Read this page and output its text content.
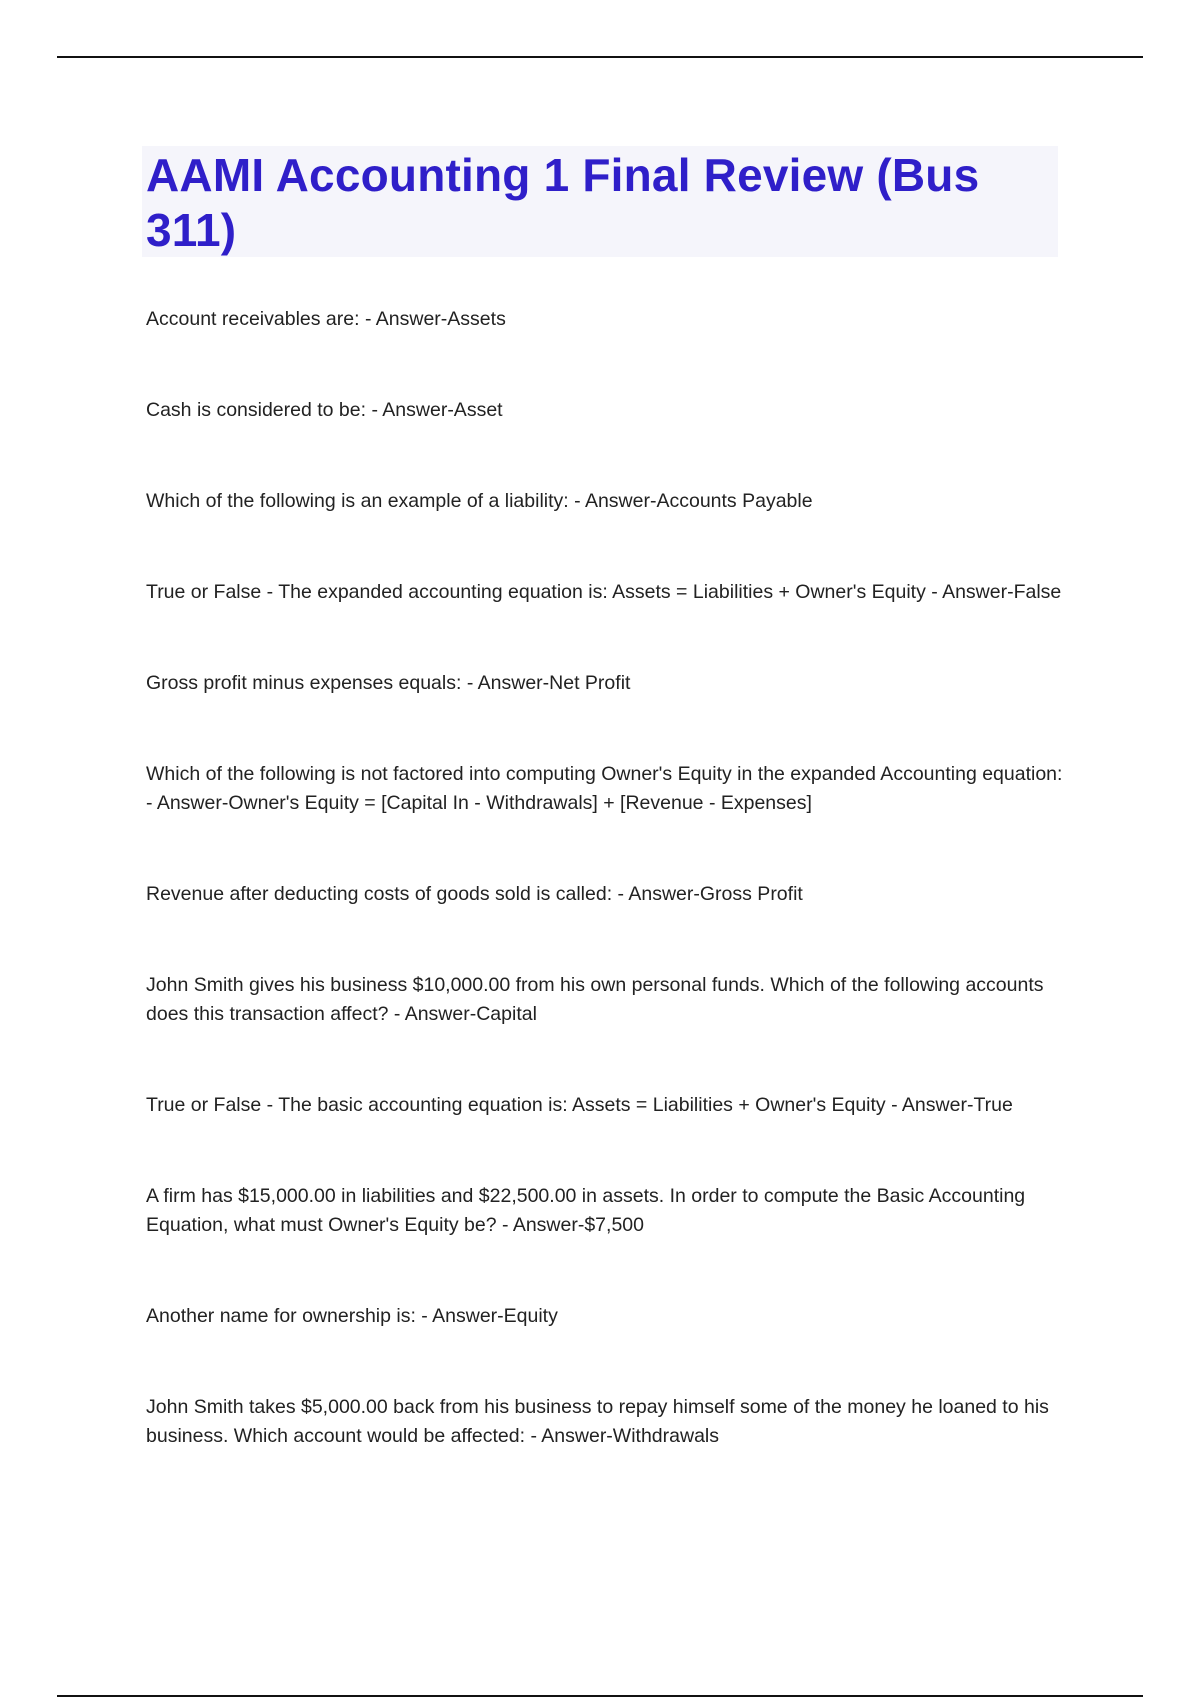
AAMI Accounting 1 Final Review (Bus 311)
Account receivables are: - Answer-Assets
Cash is considered to be: - Answer-Asset
Which of the following is an example of a liability: - Answer-Accounts Payable
True or False - The expanded accounting equation is: Assets = Liabilities + Owner's Equity - Answer-False
Gross profit minus expenses equals: - Answer-Net Profit
Which of the following is not factored into computing Owner's Equity in the expanded Accounting equation: - Answer-Owner's Equity = [Capital In - Withdrawals] + [Revenue - Expenses]
Revenue after deducting costs of goods sold is called: - Answer-Gross Profit
John Smith gives his business $10,000.00 from his own personal funds. Which of the following accounts does this transaction affect? - Answer-Capital
True or False - The basic accounting equation is: Assets = Liabilities + Owner's Equity - Answer-True
A firm has $15,000.00 in liabilities and $22,500.00 in assets. In order to compute the Basic Accounting Equation, what must Owner's Equity be? - Answer-$7,500
Another name for ownership is: - Answer-Equity
John Smith takes $5,000.00 back from his business to repay himself some of the money he loaned to his business. Which account would be affected: - Answer-Withdrawals
